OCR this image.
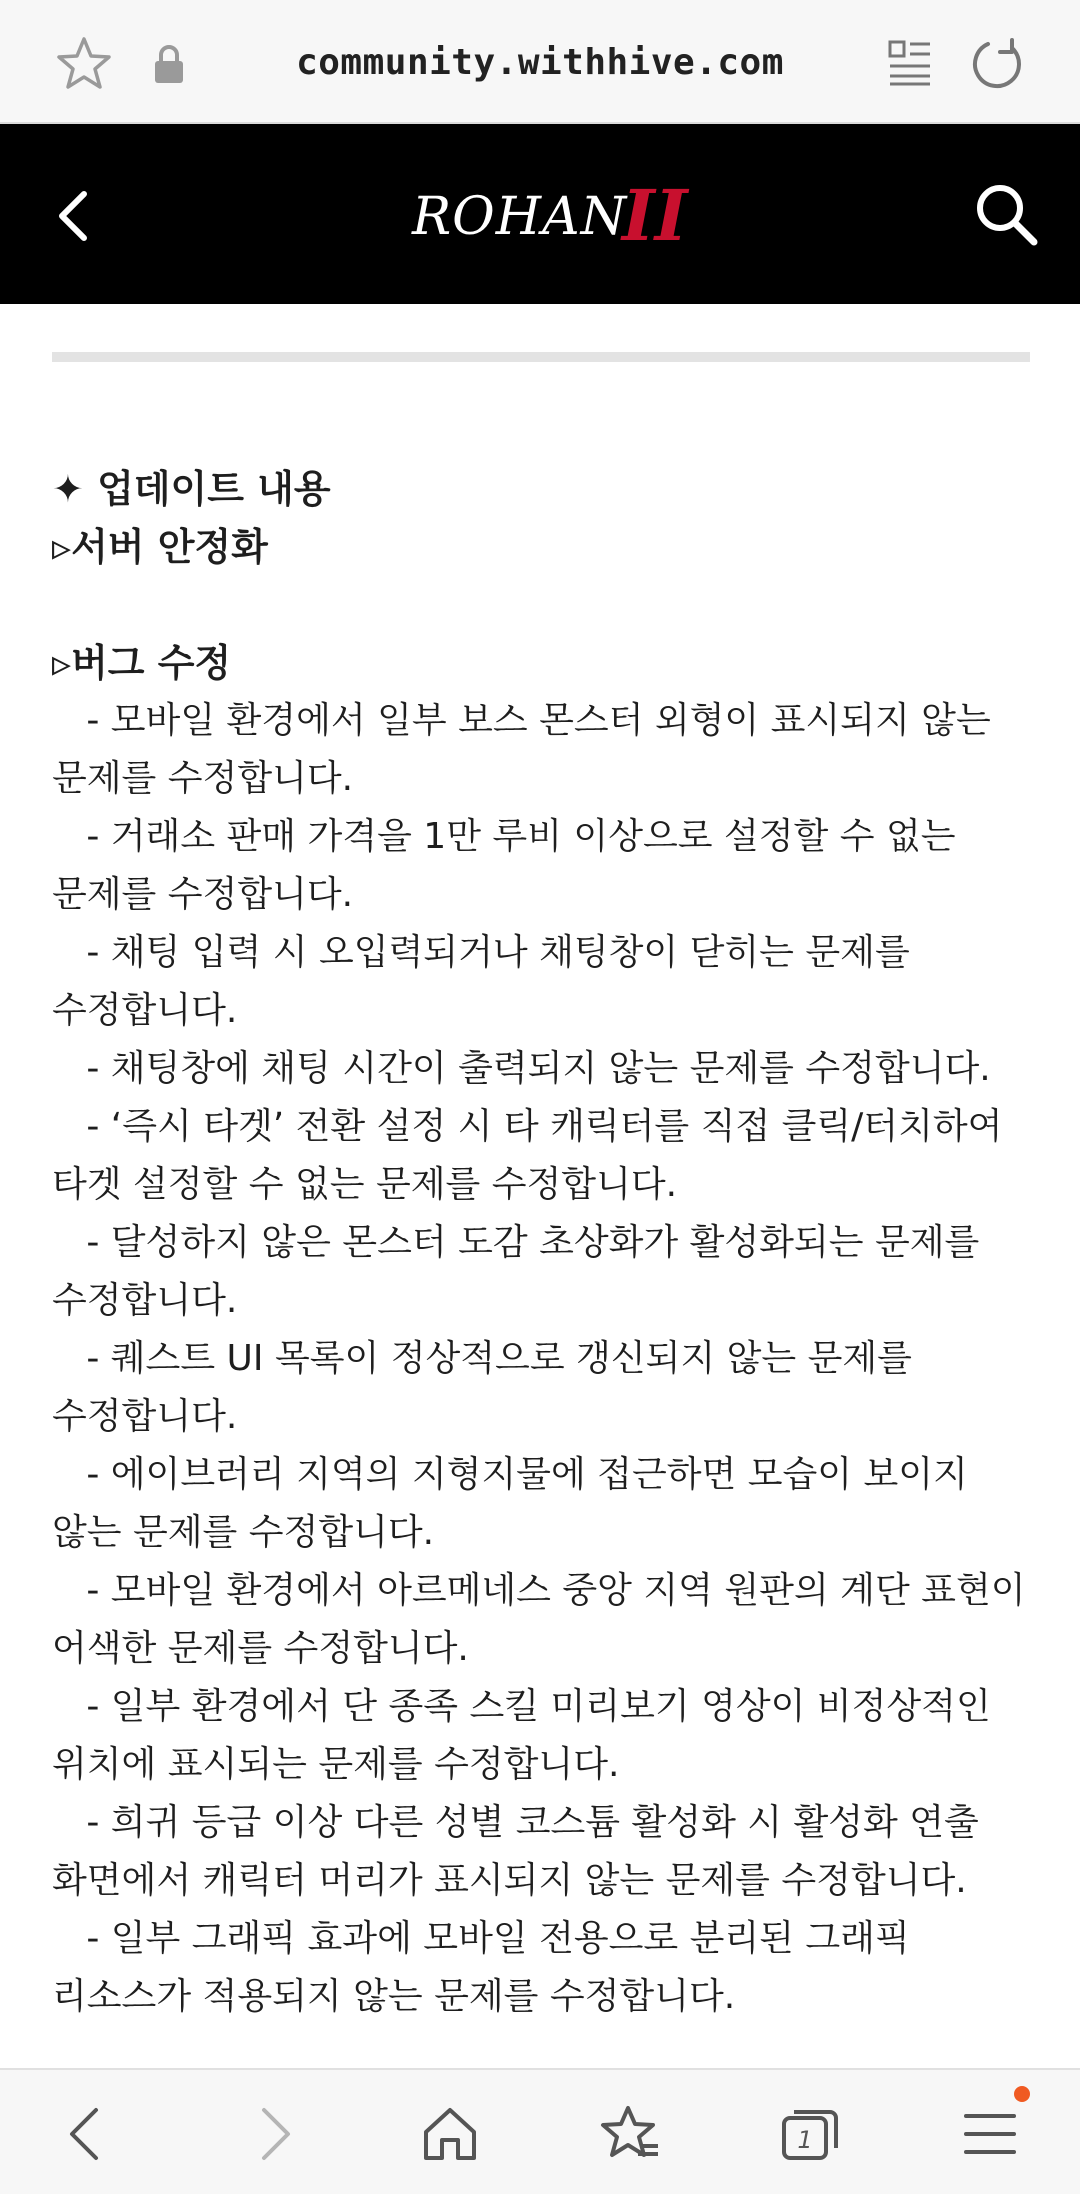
community.withhive.com
ROHAN
II
✦ 업데이트 내용
▹서버 안정화
▹버그 수정
- 모바일 환경에서 일부 보스 몬스터 외형이 표시되지 않는
문제를 수정합니다.
- 거래소 판매 가격을 1만 루비 이상으로 설정할 수 없는
문제를 수정합니다.
- 채팅 입력 시 오입력되거나 채팅창이 닫히는 문제를
수정합니다.
- 채팅창에 채팅 시간이 출력되지 않는 문제를 수정합니다.
- ‘즉시 타겟’ 전환 설정 시 타 캐릭터를 직접 클릭/터치하여
타겟 설정할 수 없는 문제를 수정합니다.
- 달성하지 않은 몬스터 도감 초상화가 활성화되는 문제를
수정합니다.
- 퀘스트 UI 목록이 정상적으로 갱신되지 않는 문제를
수정합니다.
- 에이브러리 지역의 지형지물에 접근하면 모습이 보이지
않는 문제를 수정합니다.
- 모바일 환경에서 아르메네스 중앙 지역 원판의 계단 표현이
어색한 문제를 수정합니다.
- 일부 환경에서 단 종족 스킬 미리보기 영상이 비정상적인
위치에 표시되는 문제를 수정합니다.
- 희귀 등급 이상 다른 성별 코스튬 활성화 시 활성화 연출
화면에서 캐릭터 머리가 표시되지 않는 문제를 수정합니다.
- 일부 그래픽 효과에 모바일 전용으로 분리된 그래픽
리소스가 적용되지 않는 문제를 수정합니다.
1
